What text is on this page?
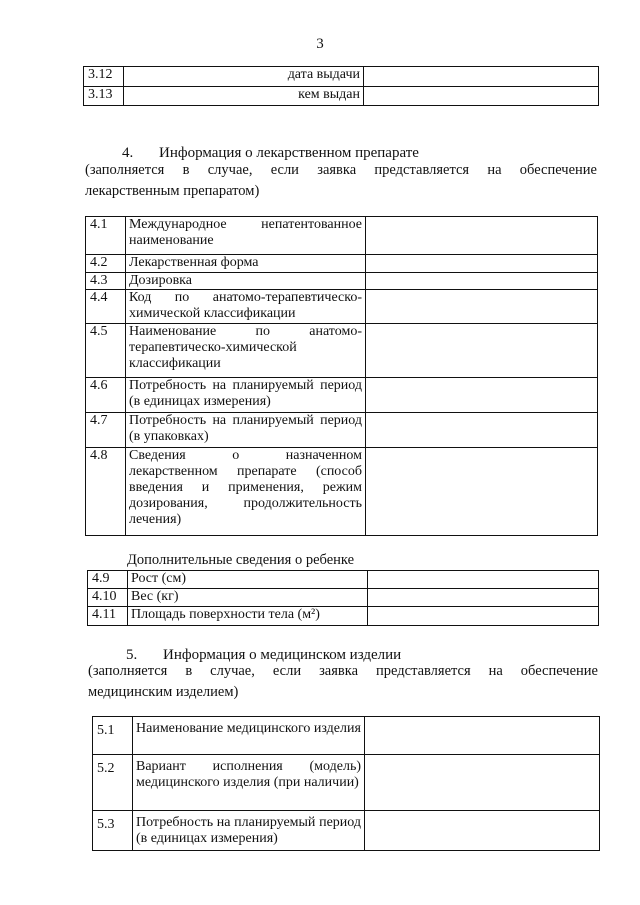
3
3.12	дата выдачи	
3.13	кем выдан	
4. Информация о лекарственном препарате
(заполняется в случае, если заявка представляется на обеспечение
лекарственным препаратом)
4.1	Международное непатентованное наименование	
4.2	Лекарственная форма	
4.3	Дозировка	
4.4	Код по анатомо-терапевтическо-химической классификации	
4.5	Наименование по анатомо-терапевтическо-химической классификации	
4.6	Потребность на планируемый период (в единицах измерения)	
4.7	Потребность на планируемый период (в упаковках)	
4.8	Сведения о назначенном лекарственном препарате (способ введения и применения, режим дозирования, продолжительность лечения)	
Дополнительные сведения о ребенке
4.9	Рост (см)	
4.10	Вес (кг)	
4.11	Площадь поверхности тела (м²)	
5. Информация о медицинском изделии
(заполняется в случае, если заявка представляется на обеспечение
медицинским изделием)
5.1	Наименование медицинского изделия	
5.2	Вариант исполнения (модель) медицинского изделия (при наличии)	
5.3	Потребность на планируемый период (в единицах измерения)	
